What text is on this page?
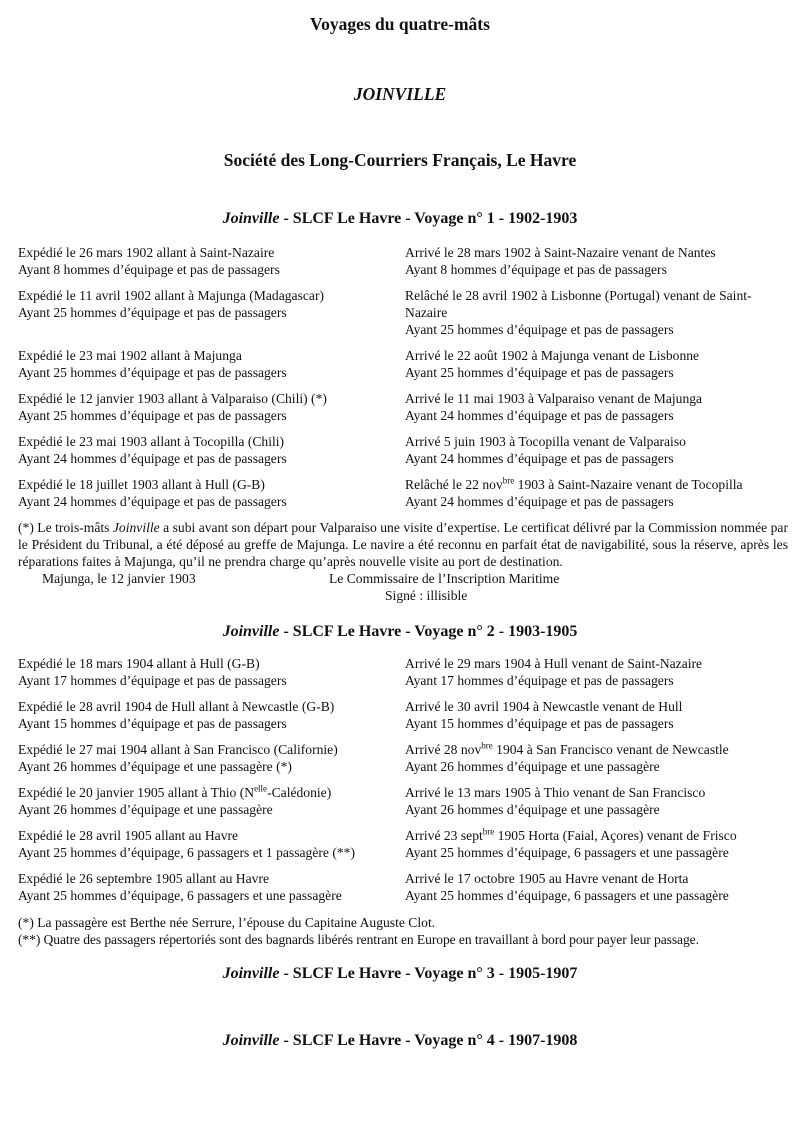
Voyages du quatre-mâts
JOINVILLE
Société des Long-Courriers Français, Le Havre
Joinville - SLCF Le Havre - Voyage n° 1 - 1902-1903
Expédié le 26 mars 1902 allant à Saint-Nazaire
Ayant 8 hommes d’équipage et pas de passagers
Arrivé le 28 mars 1902 à Saint-Nazaire venant de Nantes
Ayant 8 hommes d’équipage et pas de passagers
Expédié le 11 avril 1902 allant à Majunga (Madagascar)
Ayant 25 hommes d’équipage et pas de passagers
Relâché le 28 avril 1902 à Lisbonne (Portugal) venant de Saint-Nazaire
Ayant 25 hommes d’équipage et pas de passagers
Expédié le 23 mai 1902 allant à Majunga
Ayant 25 hommes d’équipage et pas de passagers
Arrivé le 22 août 1902 à Majunga venant de Lisbonne
Ayant 25 hommes d’équipage et pas de passagers
Expédié le 12 janvier 1903 allant à Valparaiso (Chili) (*)
Ayant 25 hommes d’équipage et pas de passagers
Arrivé le 11 mai 1903 à Valparaiso venant de Majunga
Ayant 24 hommes d’équipage et pas de passagers
Expédié le 23 mai 1903 allant à Tocopilla (Chili)
Ayant 24 hommes d’équipage et pas de passagers
Arrivé 5 juin 1903 à Tocopilla venant de Valparaiso
Ayant 24 hommes d’équipage et pas de passagers
Expédié le 18 juillet 1903 allant à Hull (G-B)
Ayant 24 hommes d’équipage et pas de passagers
Relâché le 22 nov$^{bre}$ 1903 à Saint-Nazaire venant de Tocopilla
Ayant 24 hommes d’équipage et pas de passagers

(*) Le trois-mâts Joinville a subi avant son départ pour Valparaiso une visite d’expertise. Le certificat délivré par la Commission nommée par le Président du Tribunal, a été déposé au greffe de Majunga. Le navire a été reconnu en parfait état de navigabilité, sous la réserve, après les réparations faites à Majunga, qu’il ne prendra charge qu’après nouvelle visite au port de destination.

Majunga, le 12 janvier 1903	Le Commissaire de l’Inscription Maritime
Signé : illisible
Joinville - SLCF Le Havre - Voyage n° 2 - 1903-1905
Expédié le 18 mars 1904 allant à Hull (G-B)
Ayant 17 hommes d’équipage et pas de passagers
Arrivé le 29 mars 1904 à Hull venant de Saint-Nazaire
Ayant 17 hommes d’équipage et pas de passagers
Expédié le 28 avril 1904 de Hull allant à Newcastle (G-B)
Ayant 15 hommes d’équipage et pas de passagers
Arrivé le 30 avril 1904 à Newcastle venant de Hull
Ayant 15 hommes d’équipage et pas de passagers
Expédié le 27 mai 1904 allant à San Francisco (Californie)
Ayant 26 hommes d’équipage et une passagère (*)
Arrivé 28 nov$^{bre}$ 1904 à San Francisco venant de Newcastle
Ayant 26 hommes d’équipage et une passagère
Expédié le 20 janvier 1905 allant à Thio $(N^{elle}-Calédonie)$
Ayant 26 hommes d’équipage et une passagère
Arrivé le 13 mars 1905 à Thio venant de San Francisco
Ayant 26 hommes d’équipage et une passagère
Expédié le 28 avril 1905 allant au Havre
Ayant 25 hommes d’équipage, 6 passagers et 1 passagère (**)
Arrivé 23 sept$^{bre}$ 1905 Horta (Faial, Açores) venant de Frisco
Ayant 25 hommes d’équipage, 6 passagers et une passagère
Expédié le 26 septembre 1905 allant au Havre
Ayant 25 hommes d’équipage, 6 passagers et une passagère
Arrivé le 17 octobre 1905 au Havre venant de Horta
Ayant 25 hommes d’équipage, 6 passagers et une passagère
(*) La passagère est Berthe née Serrure, l’épouse du Capitaine Auguste Clot.
(**) Quatre des passagers répertoriés sont des bagnards libérés rentrant en Europe en travaillant à bord pour payer leur passage.
Joinville - SLCF Le Havre - Voyage n° 3 - 1905-1907
Joinville - SLCF Le Havre - Voyage n° 4 - 1907-1908
